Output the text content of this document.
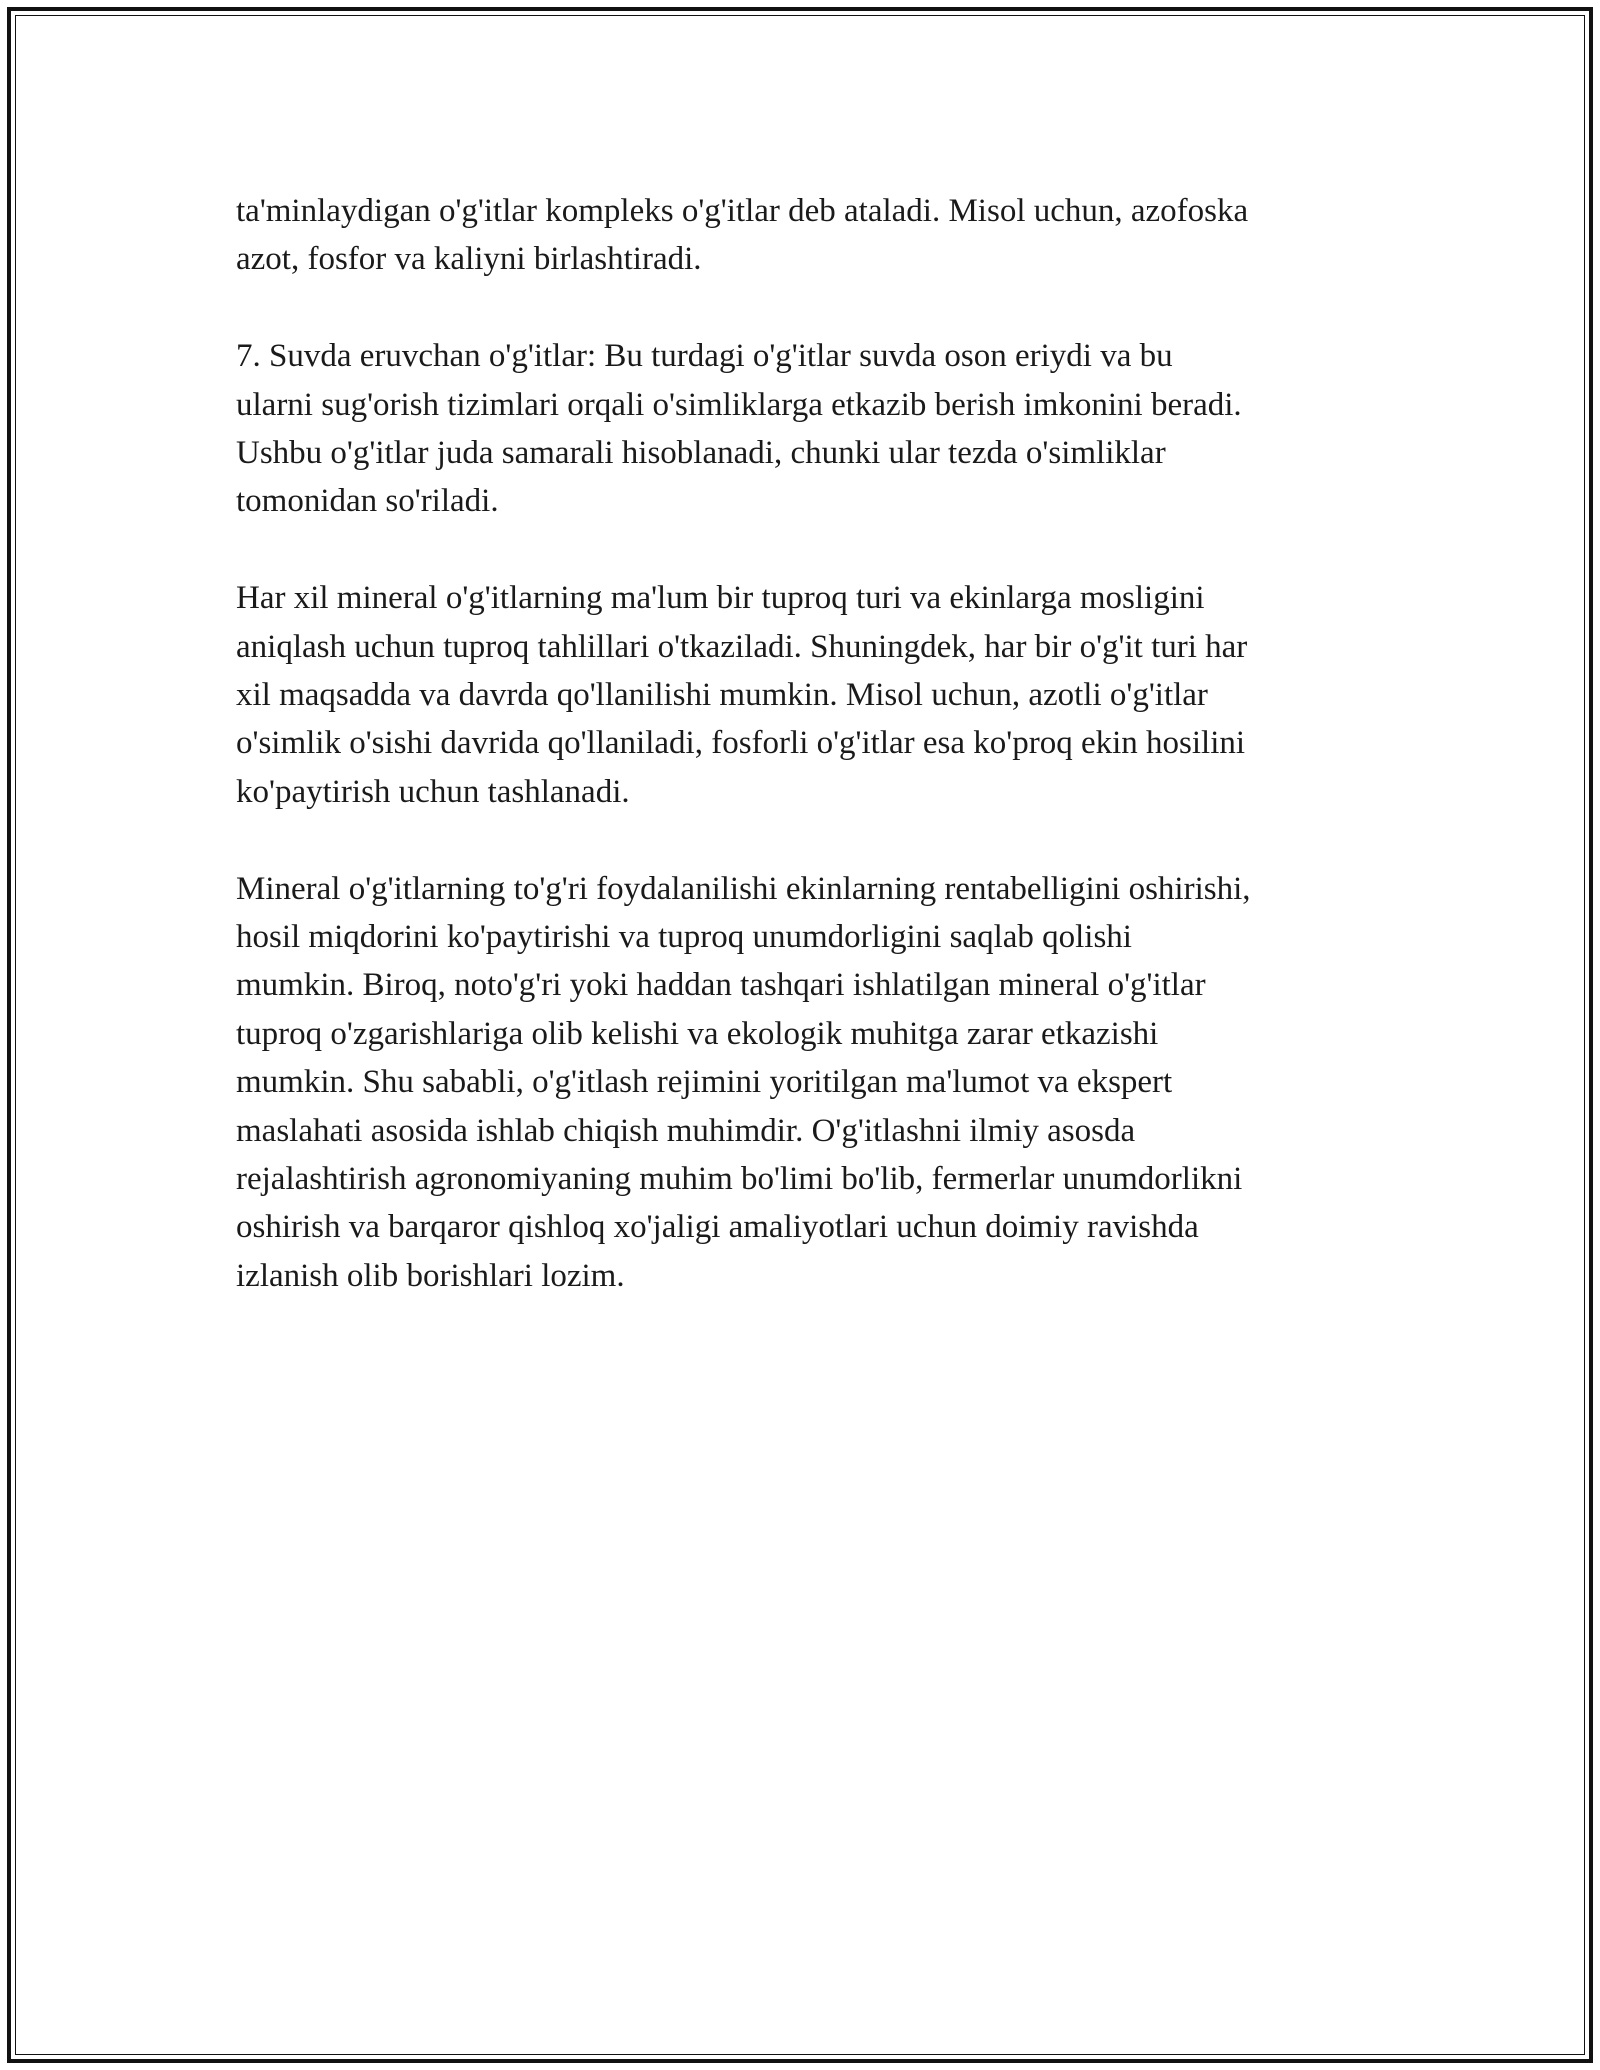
ta'minlaydigan o'g'itlar kompleks o'g'itlar deb ataladi. Misol uchun, azofoska
azot, fosfor va kaliyni birlashtiradi.
7. Suvda eruvchan o'g'itlar: Bu turdagi o'g'itlar suvda oson eriydi va bu
ularni sug'orish tizimlari orqali o'simliklarga etkazib berish imkonini beradi.
Ushbu o'g'itlar juda samarali hisoblanadi, chunki ular tezda o'simliklar
tomonidan so'riladi.
Har xil mineral o'g'itlarning ma'lum bir tuproq turi va ekinlarga mosligini
aniqlash uchun tuproq tahlillari o'tkaziladi. Shuningdek, har bir o'g'it turi har
xil maqsadda va davrda qo'llanilishi mumkin. Misol uchun, azotli o'g'itlar
o'simlik o'sishi davrida qo'llaniladi, fosforli o'g'itlar esa ko'proq ekin hosilini
ko'paytirish uchun tashlanadi.
Mineral o'g'itlarning to'g'ri foydalanilishi ekinlarning rentabelligini oshirishi,
hosil miqdorini ko'paytirishi va tuproq unumdorligini saqlab qolishi
mumkin. Biroq, noto'g'ri yoki haddan tashqari ishlatilgan mineral o'g'itlar
tuproq o'zgarishlariga olib kelishi va ekologik muhitga zarar etkazishi
mumkin. Shu sababli, o'g'itlash rejimini yoritilgan ma'lumot va ekspert
maslahati asosida ishlab chiqish muhimdir. O'g'itlashni ilmiy asosda
rejalashtirish agronomiyaning muhim bo'limi bo'lib, fermerlar unumdorlikni
oshirish va barqaror qishloq xo'jaligi amaliyotlari uchun doimiy ravishda
izlanish olib borishlari lozim.
